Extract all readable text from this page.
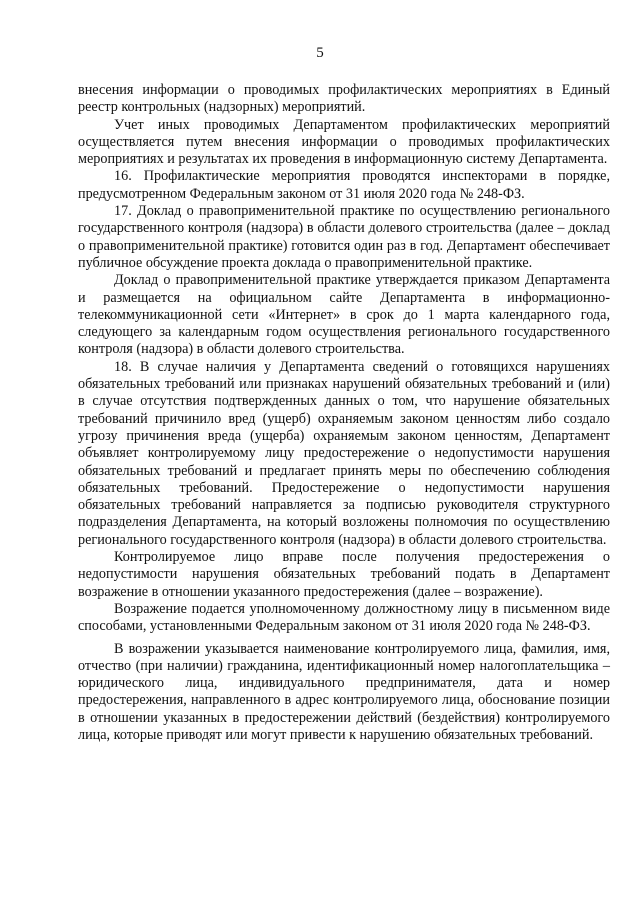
5

внесения информации о проводимых профилактических мероприятиях в Единый реестр контрольных (надзорных) мероприятий.

Учет иных проводимых Департаментом профилактических мероприятий осуществляется путем внесения информации о проводимых профилактических мероприятиях и результатах их проведения в информационную систему Департамента.

16. Профилактические мероприятия проводятся инспекторами в порядке, предусмотренном Федеральным законом от 31 июля 2020 года № 248-ФЗ.

17. Доклад о правоприменительной практике по осуществлению регионального государственного контроля (надзора) в области долевого строительства (далее – доклад о правоприменительной практике) готовится один раз в год. Департамент обеспечивает публичное обсуждение проекта доклада о правоприменительной практике.

Доклад о правоприменительной практике утверждается приказом Департамента и размещается на официальном сайте Департамента в информационно-телекоммуникационной сети «Интернет» в срок до 1 марта календарного года, следующего за календарным годом осуществления регионального государственного контроля (надзора) в области долевого строительства.

18. В случае наличия у Департамента сведений о готовящихся нарушениях обязательных требований или признаках нарушений обязательных требований и (или) в случае отсутствия подтвержденных данных о том, что нарушение обязательных требований причинило вред (ущерб) охраняемым законом ценностям либо создало угрозу причинения вреда (ущерба) охраняемым законом ценностям, Департамент объявляет контролируемому лицу предостережение о недопустимости нарушения обязательных требований и предлагает принять меры по обеспечению соблюдения обязательных требований. Предостережение о недопустимости нарушения обязательных требований направляется за подписью руководителя структурного подразделения Департамента, на который возложены полномочия по осуществлению регионального государственного контроля (надзора) в области долевого строительства.

Контролируемое лицо вправе после получения предостережения о недопустимости нарушения обязательных требований подать в Департамент возражение в отношении указанного предостережения (далее – возражение).

Возражение подается уполномоченному должностному лицу в письменном виде способами, установленными Федеральным законом от 31 июля 2020 года № 248-ФЗ.

В возражении указывается наименование контролируемого лица, фамилия, имя, отчество (при наличии) гражданина, идентификационный номер налогоплательщика – юридического лица, индивидуального предпринимателя, дата и номер предостережения, направленного в адрес контролируемого лица, обоснование позиции в отношении указанных в предостережении действий (бездействия) контролируемого лица, которые приводят или могут привести к нарушению обязательных требований.
